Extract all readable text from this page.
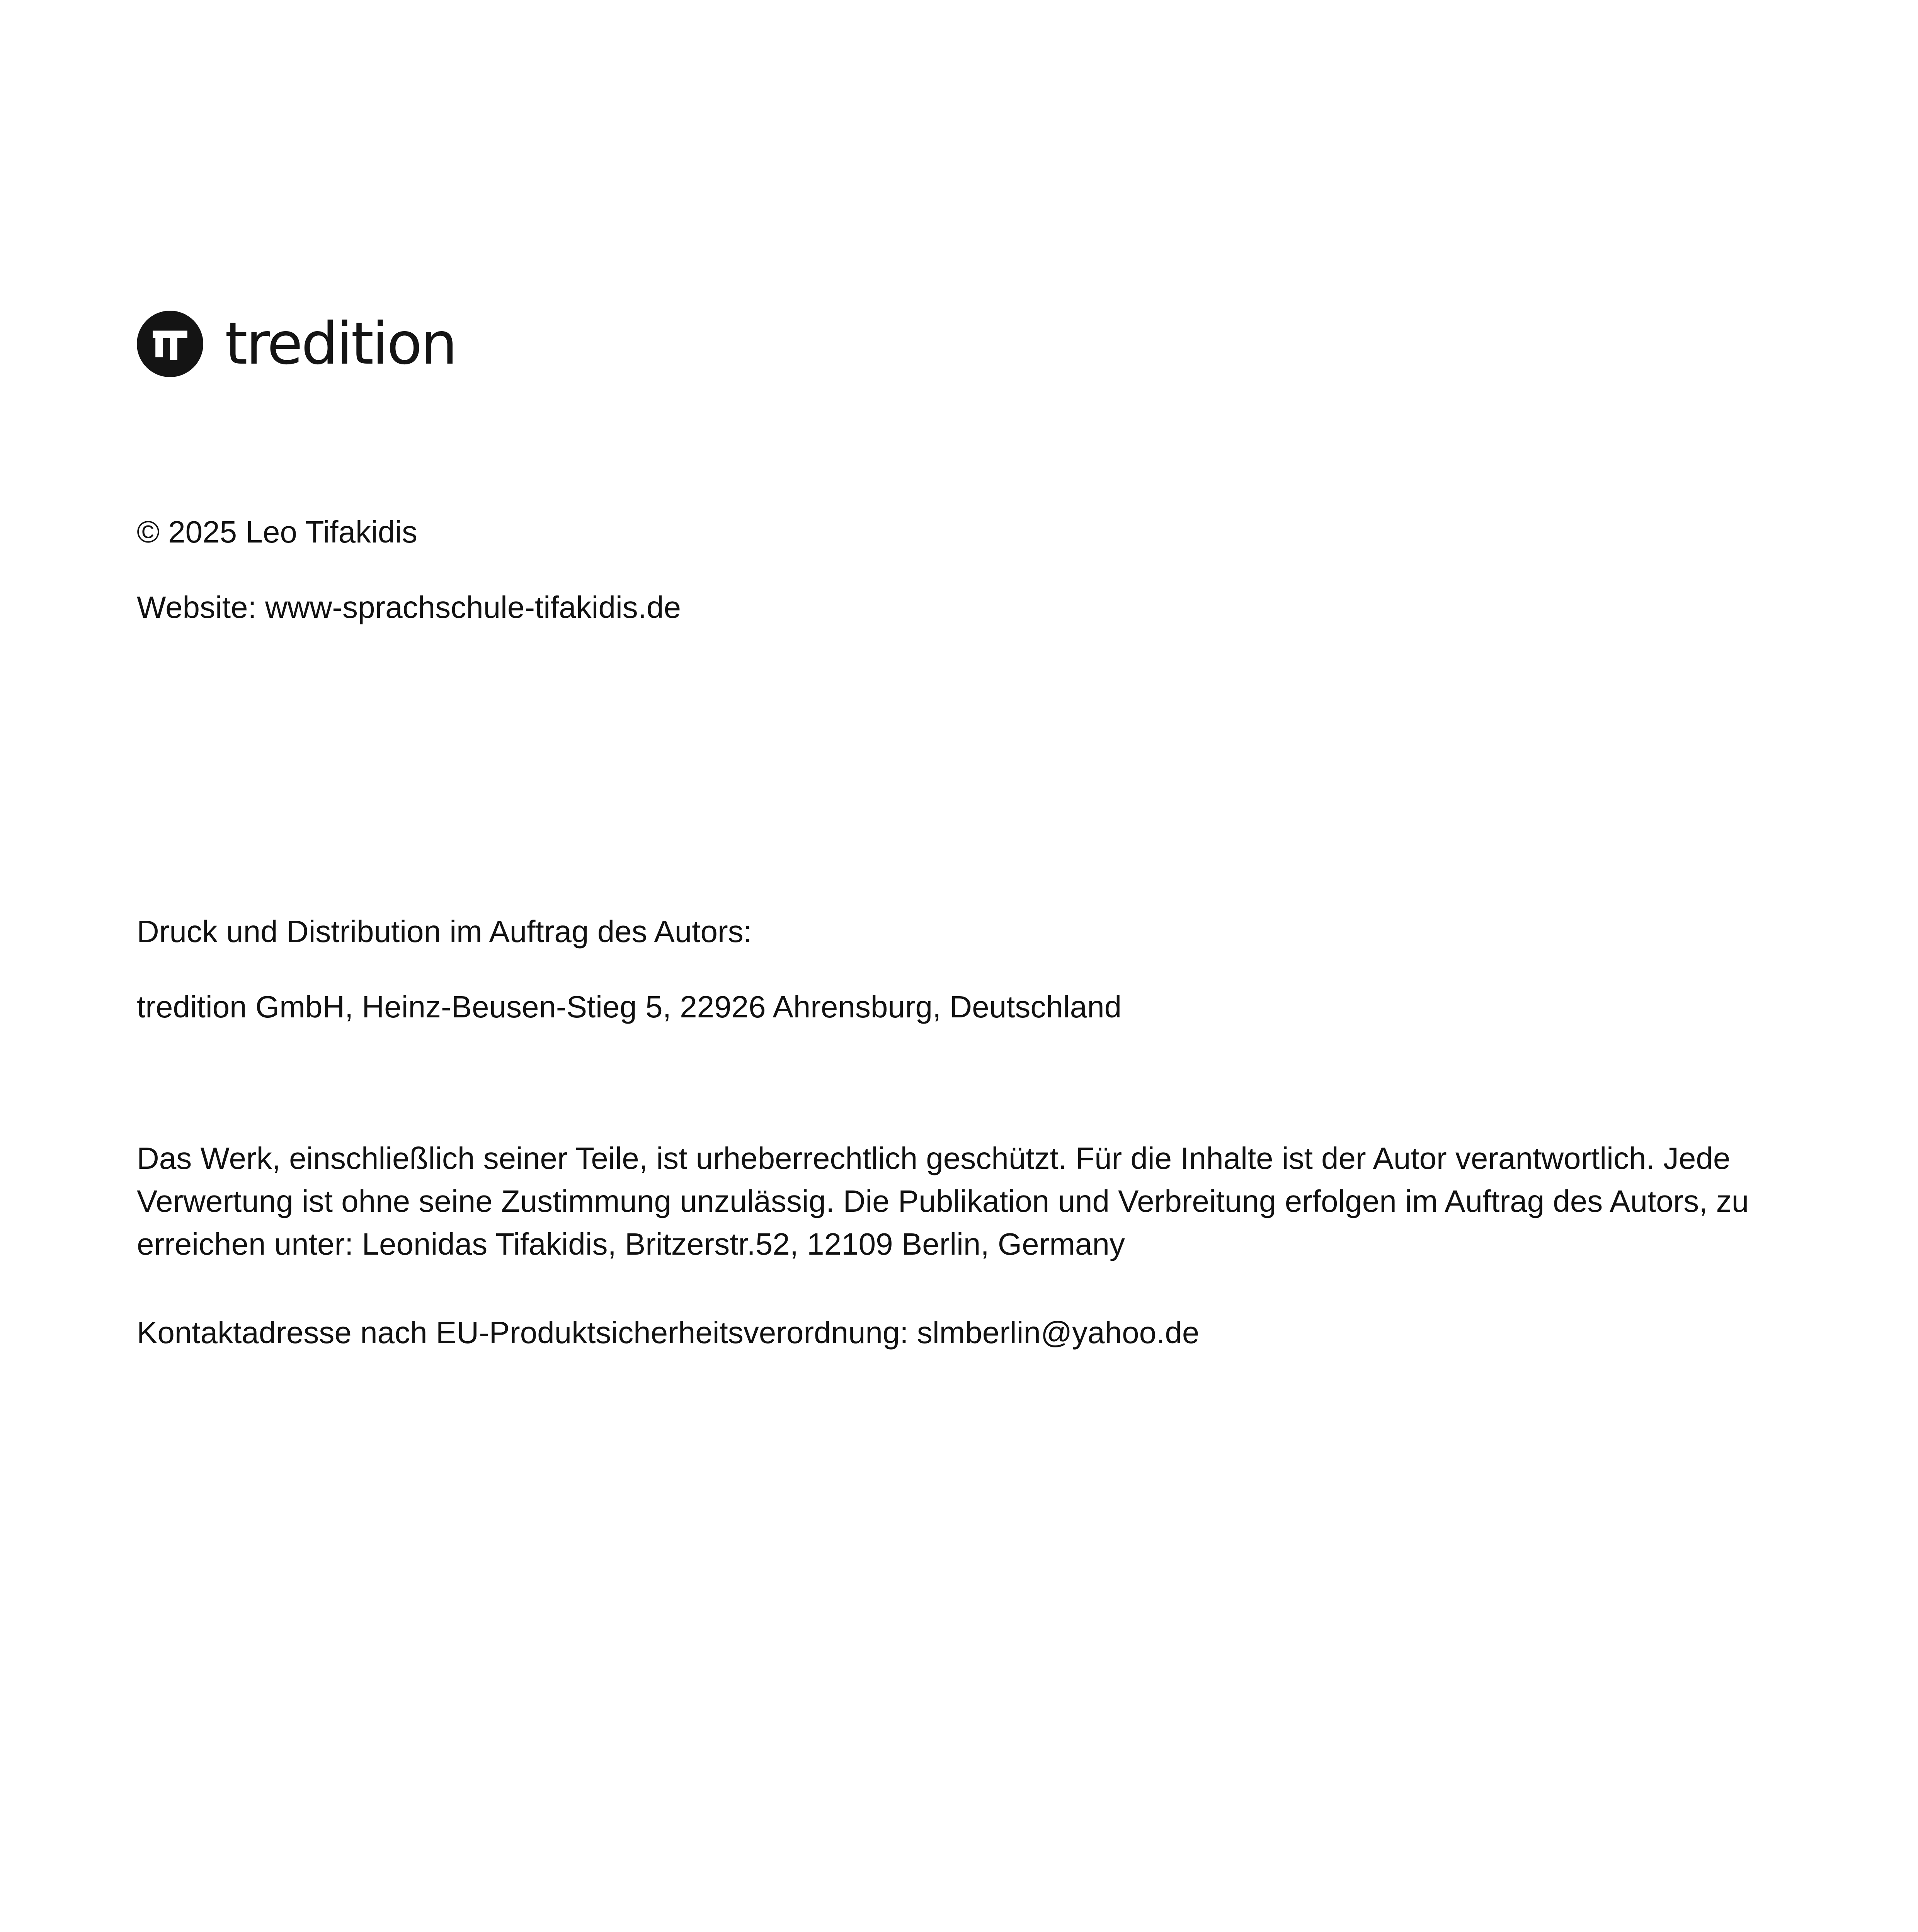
tredition

© 2025 Leo Tifakidis

Website: www-sprachschule-tifakidis.de

Druck und Distribution im Auftrag des Autors:

tredition GmbH, Heinz-Beusen-Stieg 5, 22926 Ahrensburg, Deutschland

Das Werk, einschließlich seiner Teile, ist urheberrechtlich geschützt. Für die Inhalte ist der Autor verantwortlich. Jede Verwertung ist ohne seine Zustimmung unzulässig. Die Publikation und Verbreitung erfolgen im Auftrag des Autors, zu erreichen unter: Leonidas Tifakidis, Britzerstr.52, 12109 Berlin, Germany

Kontaktadresse nach EU-Produktsicherheitsverordnung: slmberlin@yahoo.de
